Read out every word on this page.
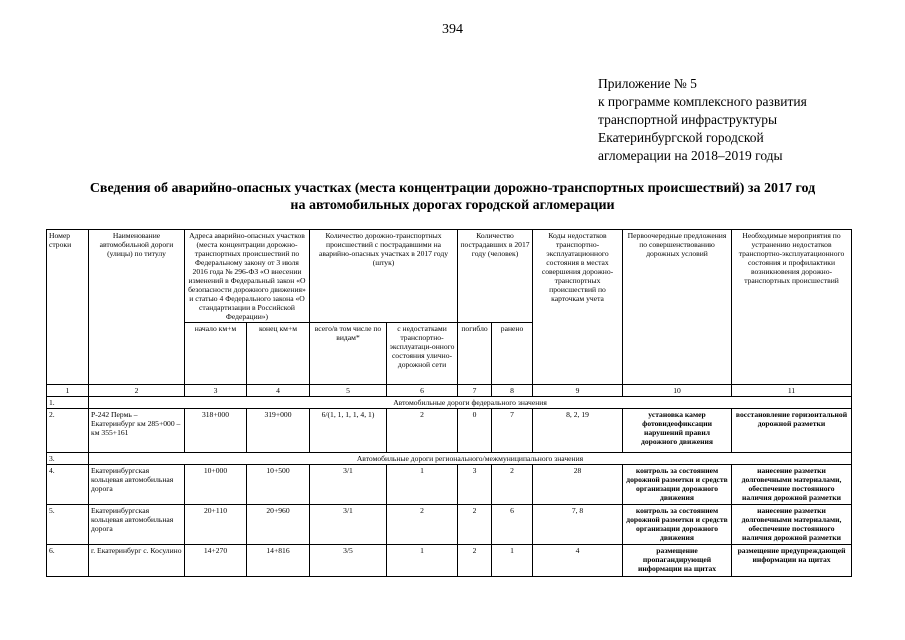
394
Приложение № 5
к программе комплексного развития
транспортной инфраструктуры
Екатеринбургской городской
агломерации на 2018–2019 годы
Сведения об аварийно-опасных участках (места концентрации дорожно-транспортных происшествий) за 2017 год
на автомобильных дорогах городской агломерации
Номер строки	Наименование автомобильной дороги (улицы) по титулу	Адреса аварийно-опасных участков (места концентрации дорожно-транспортных происшествий по Федеральному закону от 3 июля 2016 года № 296-ФЗ «О внесении изменений в Федеральный закон «О безопасности дорожного движения» и статью 4 Федерального закона «О стандартизации в Российской Федерации»)		Количество дорожно-транспортных происшествий с пострадавшими на аварийно-опасных участках в 2017 году (штук)		Количество пострадавших в 2017 году (человек)		Коды недостатков транспортно-эксплуатационного состояния в местах совершения дорожно-транспортных происшествий по карточкам учета	Первоочередные предложения по совершенствованию дорожных условий	Необходимые мероприятия по устранению недостатков транспортно-эксплуатационного состояния и профилактики возникновения дорожно-транспортных происшествий
		начало км+м	конец км+м	всего/в том числе по видам*	с недостатками транспортно-эксплуатаци-онного состояния улично-дорожной сети	погибло	ранено			
1	2	3	4	5	6	7	8	9	10	11
1.	Автомобильные дороги федерального значения									
2.	Р-242 Пермь – Екатеринбург км 285+000 – км 355+161	318+000	319+000	6/(1, 1, 1, 1, 4, 1)	2	0	7	8, 2, 19	установка камер фотовидеофиксации нарушений правил дорожного движения	восстановление горизонтальной дорожной разметки
3.	Автомобильные дороги регионального/межмуниципального значения									
4.	Екатеринбургская кольцевая автомобильная дорога	10+000	10+500	3/1	1	3	2	28	контроль за состоянием дорожной разметки и средств организации дорожного движения	нанесение разметки долговечными материалами, обеспечение постоянного наличия дорожной разметки
5.	Екатеринбургская кольцевая автомобильная дорога	20+110	20+960	3/1	2	2	6	7, 8	контроль за состоянием дорожной разметки и средств организации дорожного движения	нанесение разметки долговечными материалами, обеспечение постоянного наличия дорожной разметки
6.	г. Екатеринбург с. Косулино	14+270	14+816	3/5	1	2	1	4	размещение пропагандирующей информации на щитах	размещение предупреждающей информации на щитах
